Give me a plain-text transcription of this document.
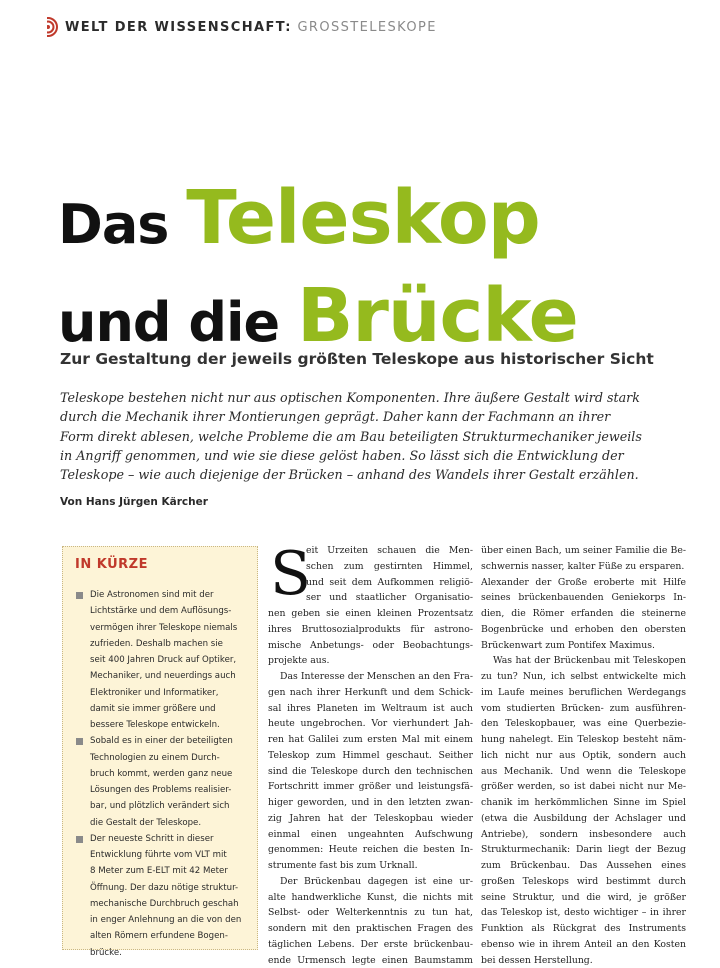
WELT DER WISSENSCHAFT: GROSSTELESKOPE
Das Teleskop
und die Brücke
Zur Gestaltung der jeweils größten Teleskope aus historischer Sicht

Teleskope bestehen nicht nur aus optischen Komponenten. Ihre äußere Gestalt wird stark
durch die Mechanik ihrer Montierungen geprägt. Daher kann der Fachmann an ihrer
Form direkt ablesen, welche Probleme die am Bau beteiligten Strukturmechaniker jeweils
in Angriff genommen, und wie sie diese gelöst haben. So lässt sich die Entwicklung der
Teleskope – wie auch diejenige der Brücken – anhand des Wandels ihrer Gestalt erzählen.

Von Hans Jürgen Kärcher

IN KÜRZE
Die Astronomen sind mit der
Lichtstärke und dem Auflösungs-
vermögen ihrer Teleskope niemals
zufrieden. Deshalb machen sie
seit 400 Jahren Druck auf Optiker,
Mechaniker, und neuerdings auch
Elektroniker und Informatiker,
damit sie immer größere und
bessere Teleskope entwickeln.
Sobald es in einer der beteiligten
Technologien zu einem Durch-
bruch kommt, werden ganz neue
Lösungen des Problems realisier-
bar, und plötzlich verändert sich
die Gestalt der Teleskope.
Der neueste Schritt in dieser
Entwicklung führte vom VLT mit
8 Meter zum E-ELT mit 42 Meter
Öffnung. Der dazu nötige struktur-
mechanische Durchbruch geschah
in enger Anlehnung an die von den
alten Römern erfundene Bogen-
brücke.
S
eit Urzeiten schauen die Men-
schen zum gestirnten Himmel,
und seit dem Aufkommen religiö-
ser und staatlicher Organisatio-
nen geben sie einen kleinen Prozentsatz
ihres Bruttosozialprodukts für astrono-
mische Anbetungs- oder Beobachtungs-
projekte aus.
Das Interesse der Menschen an den Fra-
gen nach ihrer Herkunft und dem Schick-
sal ihres Planeten im Weltraum ist auch
heute ungebrochen. Vor vierhundert Jah-
ren hat Galilei zum ersten Mal mit einem
Teleskop zum Himmel geschaut. Seither
sind die Teleskope durch den technischen
Fortschritt immer größer und leistungsfä-
higer geworden, und in den letzten zwan-
zig Jahren hat der Teleskopbau wieder
einmal einen ungeahnten Aufschwung
genommen: Heute reichen die besten In-
strumente fast bis zum Urknall.
Der Brückenbau dagegen ist eine ur-
alte handwerkliche Kunst, die nichts mit
Selbst- oder Welterkenntnis zu tun hat,
sondern mit den praktischen Fragen des
täglichen Lebens. Der erste brückenbau-
ende Urmensch legte einen Baumstamm
über einen Bach, um seiner Familie die Be-
schwernis nasser, kalter Füße zu ersparen.
Alexander der Große eroberte mit Hilfe
seines brückenbauenden Geniekorps In-
dien, die Römer erfanden die steinerne
Bogenbrücke und erhoben den obersten
Brückenwart zum Pontifex Maximus.
Was hat der Brückenbau mit Teleskopen
zu tun? Nun, ich selbst entwickelte mich
im Laufe meines beruflichen Werdegangs
vom studierten Brücken- zum ausführen-
den Teleskopbauer, was eine Querbezie-
hung nahelegt. Ein Teleskop besteht näm-
lich nicht nur aus Optik, sondern auch
aus Mechanik. Und wenn die Teleskope
größer werden, so ist dabei nicht nur Me-
chanik im herkömmlichen Sinne im Spiel
(etwa die Ausbildung der Achslager und
Antriebe), sondern insbesondere auch
Strukturmechanik: Darin liegt der Bezug
zum Brückenbau. Das Aussehen eines
großen Teleskops wird bestimmt durch
seine Struktur, und die wird, je größer
das Teleskop ist, desto wichtiger – in ihrer
Funktion als Rückgrat des Instruments
ebenso wie in ihrem Anteil an den Kosten
bei dessen Herstellung.
